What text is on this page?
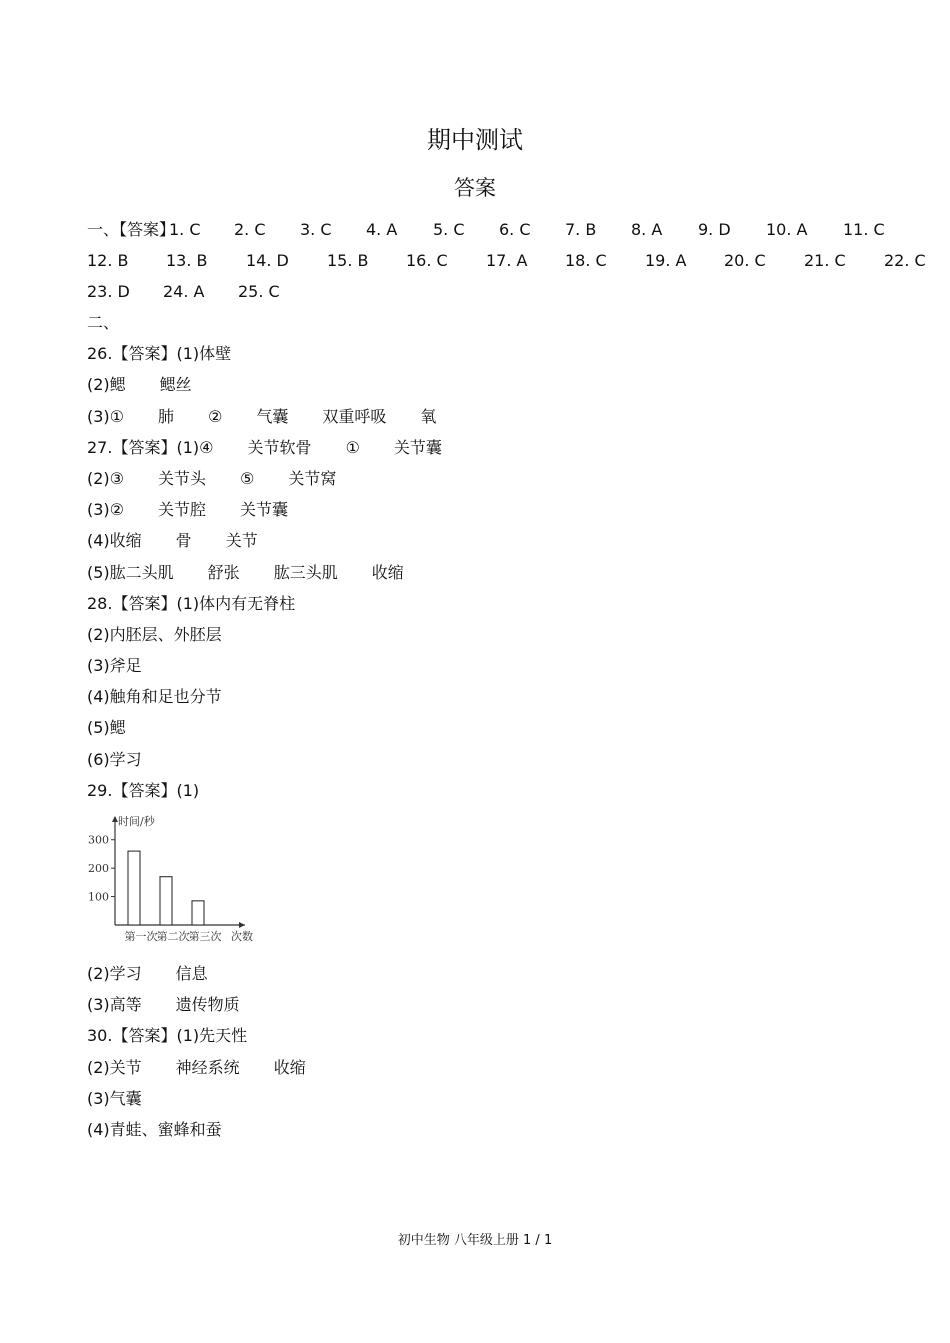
期中测试
答案
一、【答案】
1. C 2. C 3. C 4. A 5. C 6. C 7. B 8. A 9. D 10. A 11. C
12. B 13. B 14. D 15. B 16. C 17. A 18. C 19. A 20. C 21. C 22. C
23. D 24. A 25. C
二、
26.【答案】(1)体壁
(2)鳃 鳃丝
(3)① 肺 ② 气囊 双重呼吸 氧
27.【答案】(1)④ 关节软骨 ① 关节囊
(2)③ 关节头 ⑤ 关节窝
(3)② 关节腔 关节囊
(4)收缩 骨 关节
(5)肱二头肌 舒张 肱三头肌 收缩
28.【答案】(1)体内有无脊柱
(2)内胚层、外胚层
(3)斧足
(4)触角和足也分节
(5)鳃
(6)学习
29.【答案】(1)
时间/秒
100
200
300
第一次 第二次 第三次 次数
(2)学习 信息
(3)高等 遗传物质
30.【答案】(1)先天性
(2)关节 神经系统 收缩
(3)气囊
(4)青蛙、蜜蜂和蚕
初中生物 八年级上册 1 / 1
